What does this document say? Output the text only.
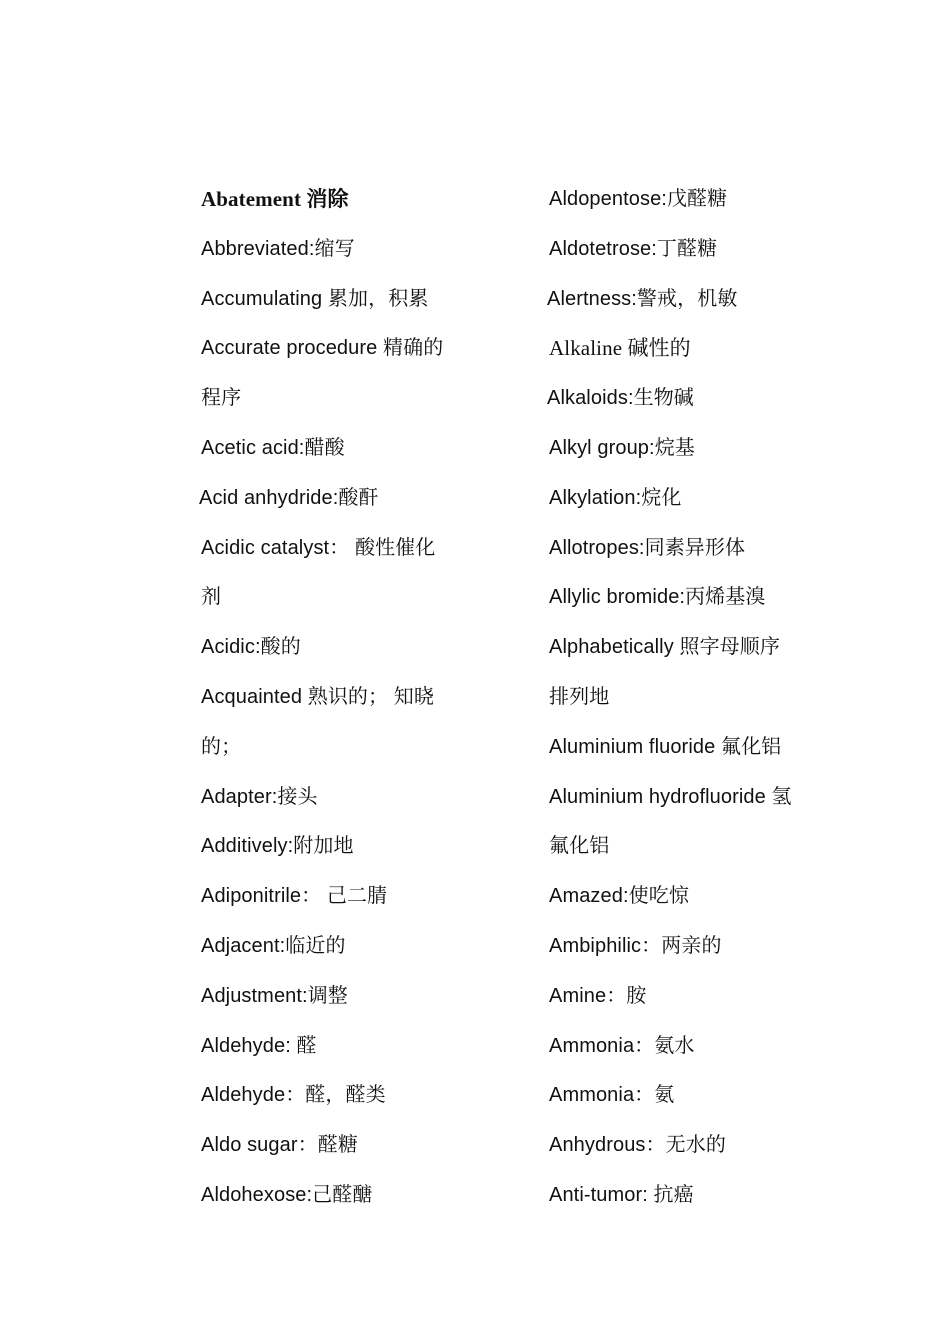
Abatement 消除
Abbreviated:缩写
Accumulating 累加，积累
Accurate procedure 精确的
程序
Acetic acid:醋酸
Acid anhydride:酸酐
Acidic catalyst： 酸性催化
剂
Acidic:酸的
Acquainted 熟识的； 知晓
的；
Adapter:接头
Additively:附加地
Adiponitrile： 己二腈
Adjacent:临近的
Adjustment:调整
Aldehyde: 醛
Aldehyde：醛，醛类
Aldo sugar：醛糖
Aldohexose:己醛醣
Aldopentose:戊醛糖
Aldotetrose:丁醛糖
Alertness:警戒，机敏
Alkaline 碱性的
Alkaloids:生物碱
Alkyl group:烷基
Alkylation:烷化
Allotropes:同素异形体
Allylic bromide:丙烯基溴
Alphabetically 照字母顺序
排列地
Aluminium fluoride 氟化铝
Aluminium hydrofluoride 氢
氟化铝
Amazed:使吃惊
Ambiphilic：两亲的
Amine：胺
Ammonia：氨水
Ammonia：氨
Anhydrous：无水的
Anti-tumor: 抗癌
